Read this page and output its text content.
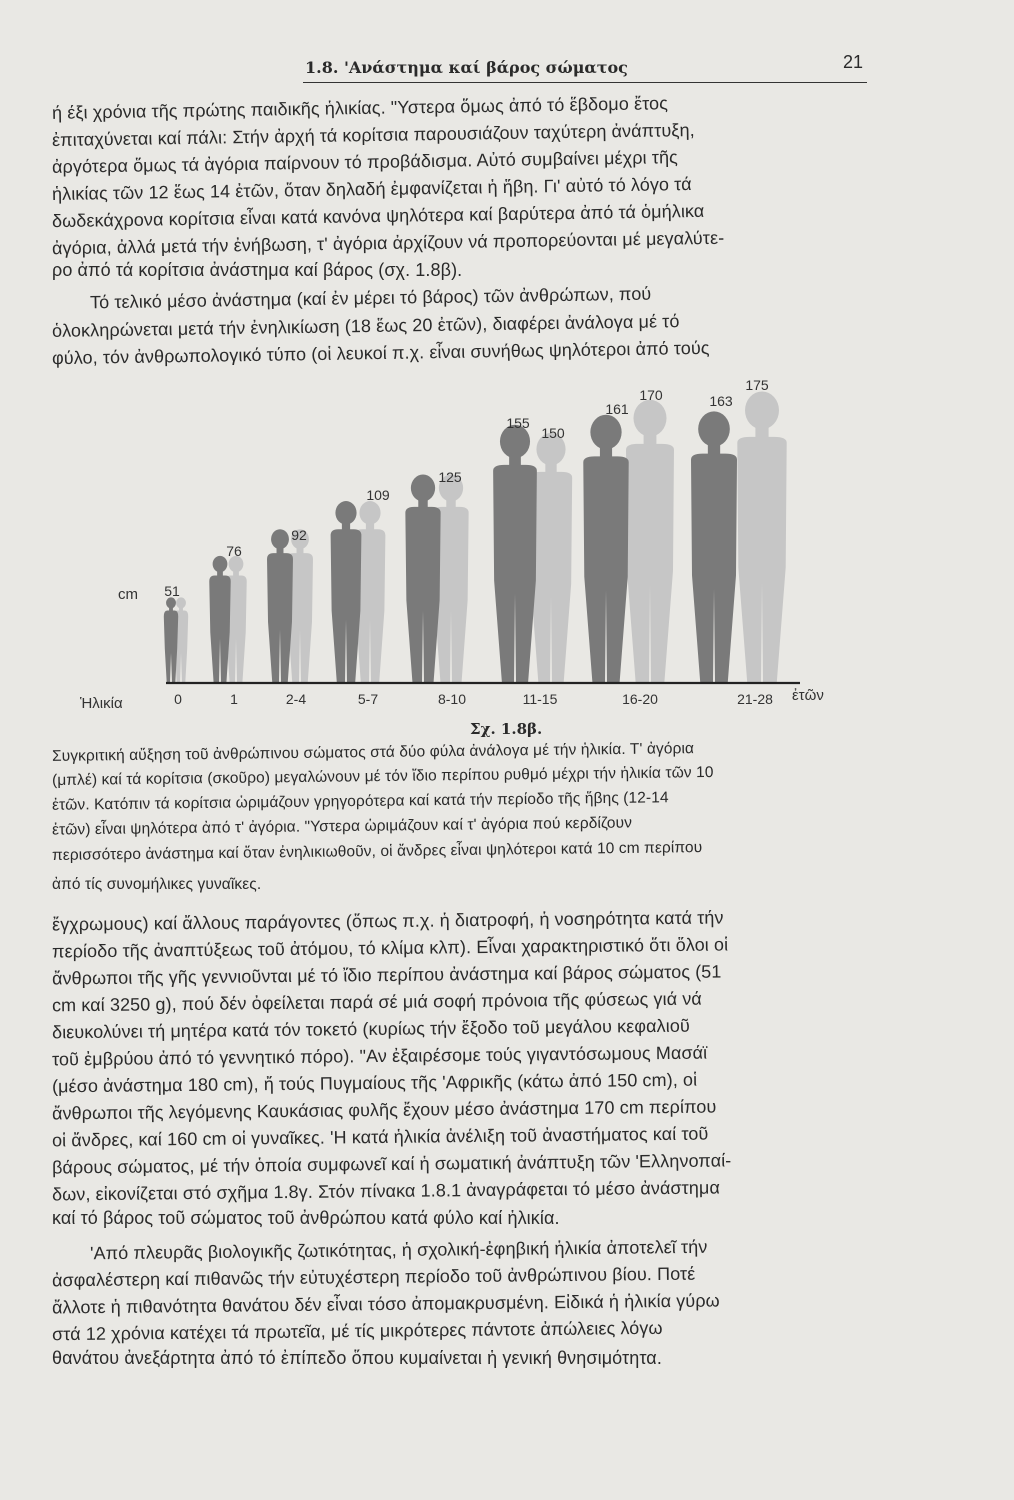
1.8. 'Ανάστημα καί βάρος σώματος	21
ή έξι χρόνια τῆς πρώτης παιδικῆς ἡλικίας. "Υστερα ὅμως ἀπό τό ἕβδομο ἔτος
ἐπιταχύνεται καί πάλι: Στήν ἀρχή τά κορίτσια παρουσιάζουν ταχύτερη ἀνάπτυξη,
ἀργότερα ὅμως τά ἀγόρια παίρνουν τό προβάδισμα. Αὐτό συμβαίνει μέχρι τῆς
ἡλικίας τῶν 12 ἕως 14 ἐτῶν, ὅταν δηλαδή ἐμφανίζεται ἡ ἥβη. Γι' αὐτό τό λόγο τά
δωδεκάχρονα κορίτσια εἶναι κατά κανόνα ψηλότερα καί βαρύτερα ἀπό τά ὁμήλικα
ἀγόρια, ἀλλά μετά τήν ἐνήβωση, τ' ἀγόρια ἀρχίζουν νά προπορεύονται μέ μεγαλύτε-
ρο ἀπό τά κορίτσια ἀνάστημα καί βάρος (σχ. 1.8β).
Τό τελικό μέσο ἀνάστημα (καί ἐν μέρει τό βάρος) τῶν ἀνθρώπων, πού
ὁλοκληρώνεται μετά τήν ἐνηλικίωση (18 ἕως 20 ἐτῶν), διαφέρει ἀνάλογα μέ τό
φύλο, τόν ἀνθρωπολογικό τύπο (οἱ λευκοί π.χ. εἶναι συνήθως ψηλότεροι ἀπό τούς
51
76
92
109
125
155
150
161
170	163
175
cm
Ἡλικία	0	1	2-4	5-7	8-10	11-15	16-20	21-28 ἐτῶν
Σχ. 1.8β.
Συγκριτική αὔξηση τοῦ ἀνθρώπινου σώματος στά δύο φύλα ἀνάλογα μέ τήν ἡλικία. Τ' ἀγόρια
(μπλέ) καί τά κορίτσια (σκοῦρο) μεγαλώνουν μέ τόν ἴδιο περίπου ρυθμό μέχρι τήν ἡλικία τῶν 10
ἐτῶν. Κατόπιν τά κορίτσια ὡριμάζουν γρηγορότερα καί κατά τήν περίοδο τῆς ἥβης (12-14
ἐτῶν) εἶναι ψηλότερα ἀπό τ' ἀγόρια. "Υστερα ὡριμάζουν καί τ' ἀγόρια πού κερδίζουν
περισσότερο ἀνάστημα καί ὅταν ἐνηλικιωθοῦν, οἱ ἄνδρες εἶναι ψηλότεροι κατά 10 cm περίπου
ἀπό τίς συνομήλικες γυναῖκες.
ἔγχρωμους) καί ἄλλους παράγοντες (ὅπως π.χ. ἡ διατροφή, ἡ νοσηρότητα κατά τήν
περίοδο τῆς ἀναπτύξεως τοῦ ἀτόμου, τό κλίμα κλπ). Εἶναι χαρακτηριστικό ὅτι ὅλοι οἱ
ἄνθρωποι τῆς γῆς γεννιοῦνται μέ τό ἴδιο περίπου ἀνάστημα καί βάρος σώματος (51
cm καί 3250 g), πού δέν ὀφείλεται παρά σέ μιά σοφή πρόνοια τῆς φύσεως γιά νά
διευκολύνει τή μητέρα κατά τόν τοκετό (κυρίως τήν ἔξοδο τοῦ μεγάλου κεφαλιοῦ
τοῦ ἐμβρύου ἀπό τό γεννητικό πόρο). "Αν ἐξαιρέσομε τούς γιγαντόσωμους Μασάϊ
(μέσο ἀνάστημα 180 cm), ἤ τούς Πυγμαίους τῆς 'Αφρικῆς (κάτω ἀπό 150 cm), οἱ
ἄνθρωποι τῆς λεγόμενης Καυκάσιας φυλῆς ἔχουν μέσο ἀνάστημα 170 cm περίπου
οἱ ἄνδρες, καί 160 cm οἱ γυναῖκες. 'Η κατά ἡλικία ἀνέλιξη τοῦ ἀναστήματος καί τοῦ
βάρους σώματος, μέ τήν ὁποία συμφωνεῖ καί ἡ σωματική ἀνάπτυξη τῶν 'Ελληνοπαί-
δων, εἰκονίζεται στό σχῆμα 1.8γ. Στόν πίνακα 1.8.1 ἀναγράφεται τό μέσο ἀνάστημα
καί τό βάρος τοῦ σώματος τοῦ ἀνθρώπου κατά φύλο καί ἡλικία.
'Από πλευρᾶς βιολογικῆς ζωτικότητας, ἡ σχολική-ἐφηβική ἡλικία ἀποτελεῖ τήν
ἀσφαλέστερη καί πιθανῶς τήν εὐτυχέστερη περίοδο τοῦ ἀνθρώπινου βίου. Ποτέ
ἄλλοτε ἡ πιθανότητα θανάτου δέν εἶναι τόσο ἀπομακρυσμένη. Εἰδικά ἡ ἡλικία γύρω
στά 12 χρόνια κατέχει τά πρωτεῖα, μέ τίς μικρότερες πάντοτε ἀπώλειες λόγω
θανάτου ἀνεξάρτητα ἀπό τό ἐπίπεδο ὅπου κυμαίνεται ἡ γενική θνησιμότητα.
